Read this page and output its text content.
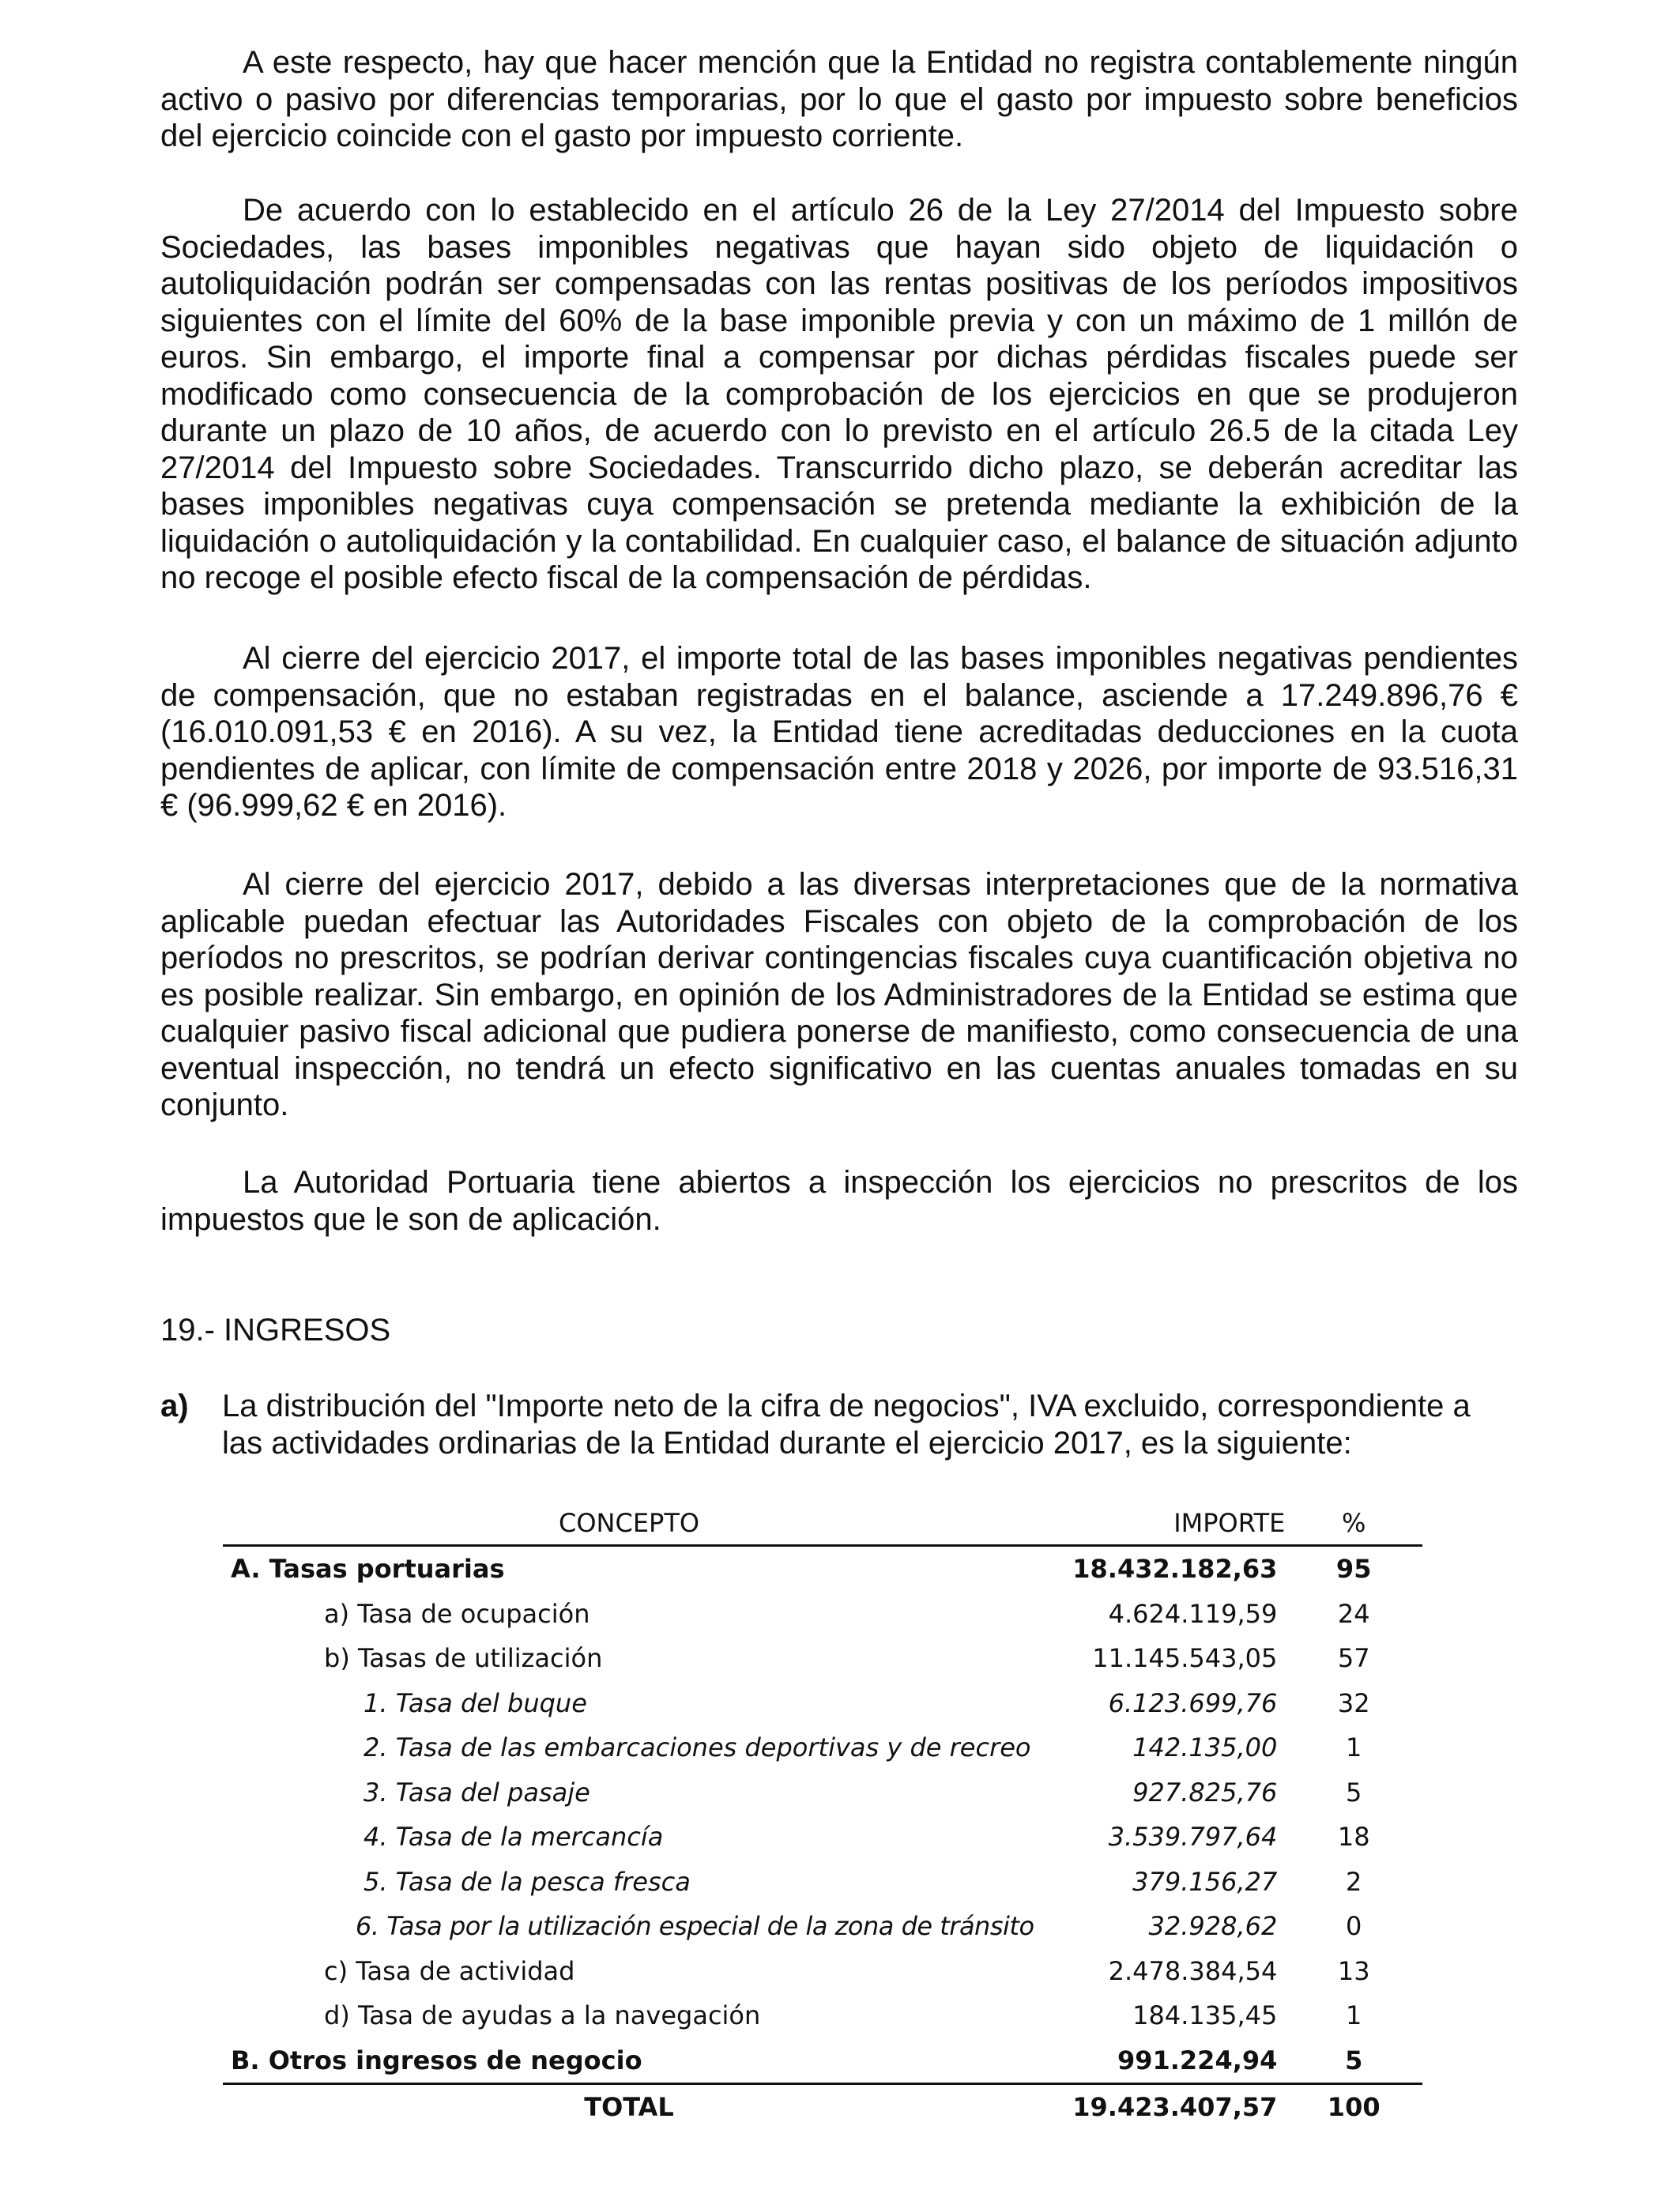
A este respecto, hay que hacer mención que la Entidad no registra contablemente ningún activo o pasivo por diferencias temporarias, por lo que el gasto por impuesto sobre beneficios del ejercicio coincide con el gasto por impuesto corriente.

De acuerdo con lo establecido en el artículo 26 de la Ley 27/2014 del Impuesto sobre Sociedades, las bases imponibles negativas que hayan sido objeto de liquidación o autoliquidación podrán ser compensadas con las rentas positivas de los períodos impositivos siguientes con el límite del 60% de la base imponible previa y con un máximo de 1 millón de euros. Sin embargo, el importe final a compensar por dichas pérdidas fiscales puede ser modificado como consecuencia de la comprobación de los ejercicios en que se produjeron durante un plazo de 10 años, de acuerdo con lo previsto en el artículo 26.5 de la citada Ley 27/2014 del Impuesto sobre Sociedades. Transcurrido dicho plazo, se deberán acreditar las bases imponibles negativas cuya compensación se pretenda mediante la exhibición de la liquidación o autoliquidación y la contabilidad. En cualquier caso, el balance de situación adjunto no recoge el posible efecto fiscal de la compensación de pérdidas.

Al cierre del ejercicio 2017, el importe total de las bases imponibles negativas pendientes de compensación, que no estaban registradas en el balance, asciende a 17.249.896,76 € (16.010.091,53 € en 2016). A su vez, la Entidad tiene acreditadas deducciones en la cuota pendientes de aplicar, con límite de compensación entre 2018 y 2026, por importe de 93.516,31 € (96.999,62 € en 2016).

Al cierre del ejercicio 2017, debido a las diversas interpretaciones que de la normativa aplicable puedan efectuar las Autoridades Fiscales con objeto de la comprobación de los períodos no prescritos, se podrían derivar contingencias fiscales cuya cuantificación objetiva no es posible realizar. Sin embargo, en opinión de los Administradores de la Entidad se estima que cualquier pasivo fiscal adicional que pudiera ponerse de manifiesto, como consecuencia de una eventual inspección, no tendrá un efecto significativo en las cuentas anuales tomadas en su conjunto.

La Autoridad Portuaria tiene abiertos a inspección los ejercicios no prescritos de los impuestos que le son de aplicación.

19.- INGRESOS
a) La distribución del "Importe neto de la cifra de negocios", IVA excluido, correspondiente a las actividades ordinarias de la Entidad durante el ejercicio 2017, es la siguiente:
CONCEPTO	IMPORTE	%
A. Tasas portuarias	18.432.182,63	95
a) Tasa de ocupación	4.624.119,59	24
b) Tasas de utilización	11.145.543,05	57
1. Tasa del buque	6.123.699,76	32
2. Tasa de las embarcaciones deportivas y de recreo	142.135,00	1
3. Tasa del pasaje	927.825,76	5
4. Tasa de la mercancía	3.539.797,64	18
5. Tasa de la pesca fresca	379.156,27	2
6. Tasa por la utilización especial de la zona de tránsito	32.928,62	0
c) Tasa de actividad	2.478.384,54	13
d) Tasa de ayudas a la navegación	184.135,45	1
B. Otros ingresos de negocio	991.224,94	5
TOTAL	19.423.407,57	100
